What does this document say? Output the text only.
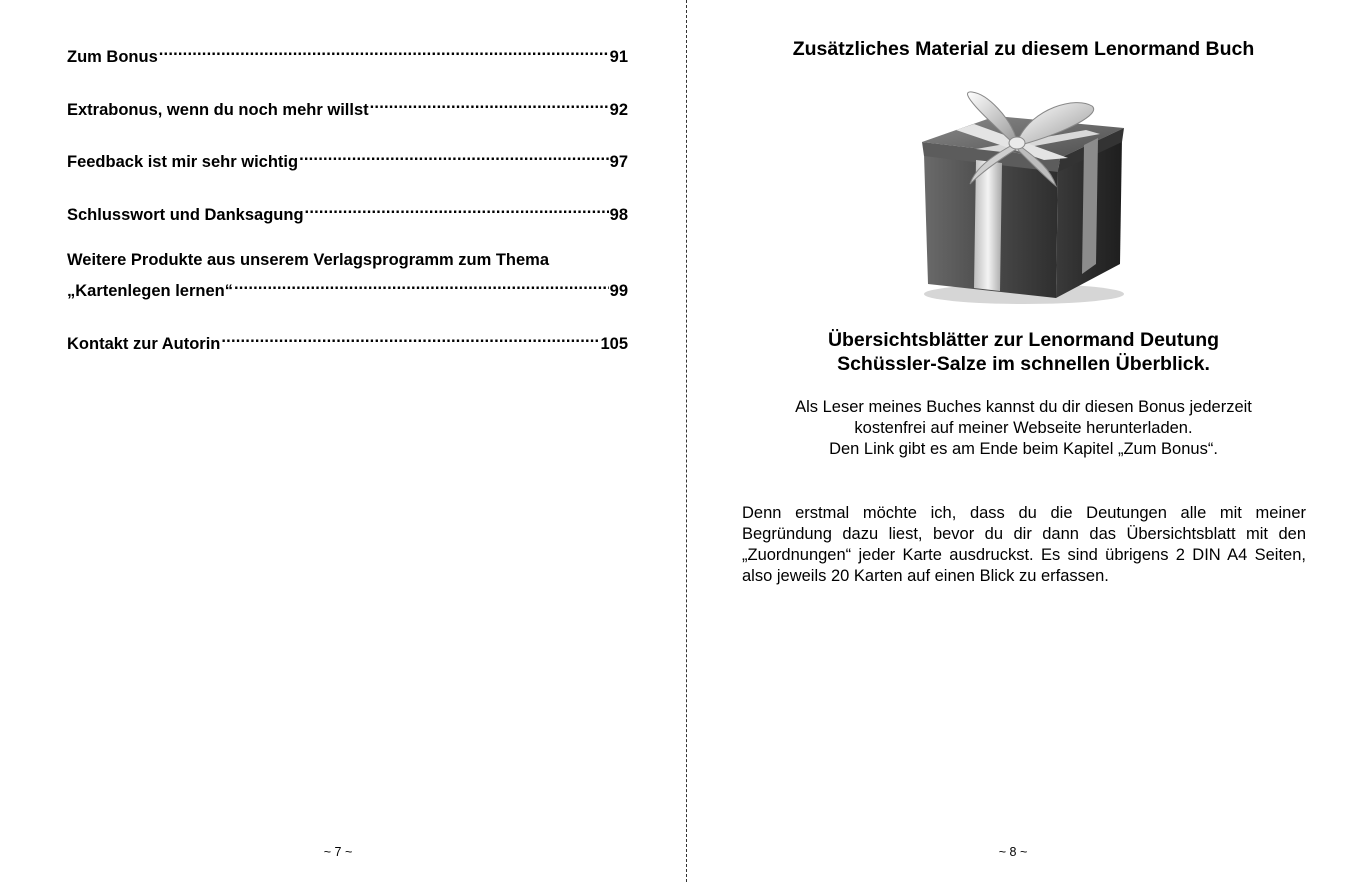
Zum Bonus .....	91
Extrabonus, wenn du noch mehr willst .....	92
Feedback ist mir sehr wichtig .....	97
Schlusswort und Danksagung .....	98
Weitere Produkte aus unserem Verlagsprogramm zum Thema
„Kartenlegen lernen“ .....	99
Kontakt zur Autorin .....	105
~ 7 ~
Zusätzliches Material zu diesem Lenormand Buch
Übersichtsblätter zur Lenormand Deutung
Schüssler-Salze im schnellen Überblick.
Als Leser meines Buches kannst du dir diesen Bonus jederzeit
kostenfrei auf meiner Webseite herunterladen.
Den Link gibt es am Ende beim Kapitel „Zum Bonus“.
Denn erstmal möchte ich, dass du die Deutungen alle mit meiner Begründung dazu liest, bevor du dir dann das Übersichtsblatt mit den „Zuordnungen“ jeder Karte ausdruckst. Es sind übrigens 2 DIN A4 Seiten, also jeweils 20 Karten auf einen Blick zu erfassen.
~ 8 ~
